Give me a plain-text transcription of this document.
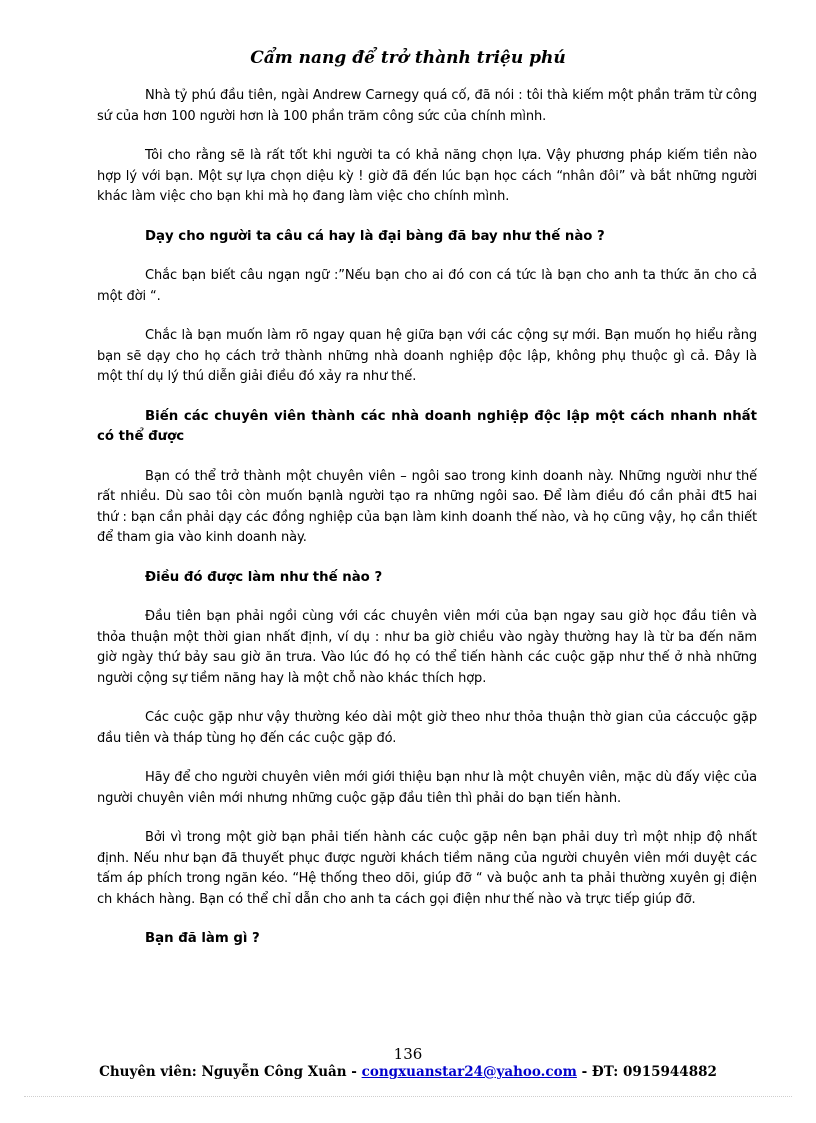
Cẩm nang để trở thành triệu phú

Nhà tỷ phú đầu tiên, ngài Andrew Carnegy quá cố, đã nói : tôi thà kiếm một phần trăm từ công sứ của hơn 100 người hơn là 100 phần trăm công sức của chính mình.

Tôi cho rằng sẽ là rất tốt khi người ta có khả năng chọn lựa. Vậy phương pháp kiếm tiền nào hợp lý với bạn. Một sự lựa chọn diệu kỳ ! giờ đã đến lúc bạn học cách “nhân đôi” và bắt những người khác làm việc cho bạn khi mà họ đang làm việc cho chính mình.

Dạy cho người ta câu cá hay là đại bàng đã bay như thế nào ?

Chắc bạn biết câu ngạn ngữ :”Nếu bạn cho ai đó con cá tức là bạn cho anh ta thức ăn cho cả một đời “.

Chắc là bạn muốn làm rõ ngay quan hệ giữa bạn với các cộng sự mới. Bạn muốn họ hiểu rằng bạn sẽ dạy cho họ cách trở thành những nhà doanh nghiệp độc lập, không phụ thuộc gì cả. Đây là một thí dụ lý thú diễn giải điều đó xảy ra như thế.

Biến các chuyên viên thành các nhà doanh nghiệp độc lập một cách nhanh nhất có thể được

Bạn có thể trở thành một chuyên viên – ngôi sao trong kinh doanh này. Những người như thế rất nhiều. Dù sao tôi còn muốn bạnlà người tạo ra những ngôi sao. Để làm điều đó cần phải đt5 hai thứ : bạn cần phải dạy các đồng nghiệp của bạn làm kinh doanh thế nào, và họ cũng vậy, họ cần thiết để tham gia vào kinh doanh này.

Điều đó được làm như thế nào ?

Đầu tiên bạn phải ngồi cùng với các chuyên viên mới của bạn ngay sau giờ học đầu tiên và thỏa thuận một thời gian nhất định, ví dụ : như ba giờ chiều vào ngày thường hay là từ ba đến năm giờ ngày thứ bảy sau giờ ăn trưa. Vào lúc đó họ có thể tiến hành các cuộc gặp như thế ở nhà những người cộng sự tiềm năng hay là một chỗ nào khác thích hợp.

Các cuộc gặp như vậy thường kéo dài một giờ theo như thỏa thuận thờ gian của cáccuộc gặp đầu tiên và tháp tùng họ đến các cuộc gặp đó.

Hãy để cho người chuyên viên mới giới thiệu bạn như là một chuyên viên, mặc dù đấy việc của người chuyên viên mới nhưng những cuộc gặp đầu tiên thì phải do bạn tiến hành.

Bởi vì trong một giờ bạn phải tiến hành các cuộc gặp nên bạn phải duy trì một nhịp độ nhất định. Nếu như bạn đã thuyết phục được người khách tiềm năng của người chuyên viên mới duyệt các tấm áp phích trong ngăn kéo. “Hệ thống theo dõi, giúp đỡ “ và buộc anh ta phải thường xuyên gị điện ch khách hàng. Bạn có thể chỉ dẫn cho anh ta cách gọi điện như thế nào và trực tiếp giúp đỡ.

Bạn đã làm gì ?

136
Chuyên viên: Nguyễn Công Xuân - congxuanstar24@yahoo.com - ĐT: 0915944882
